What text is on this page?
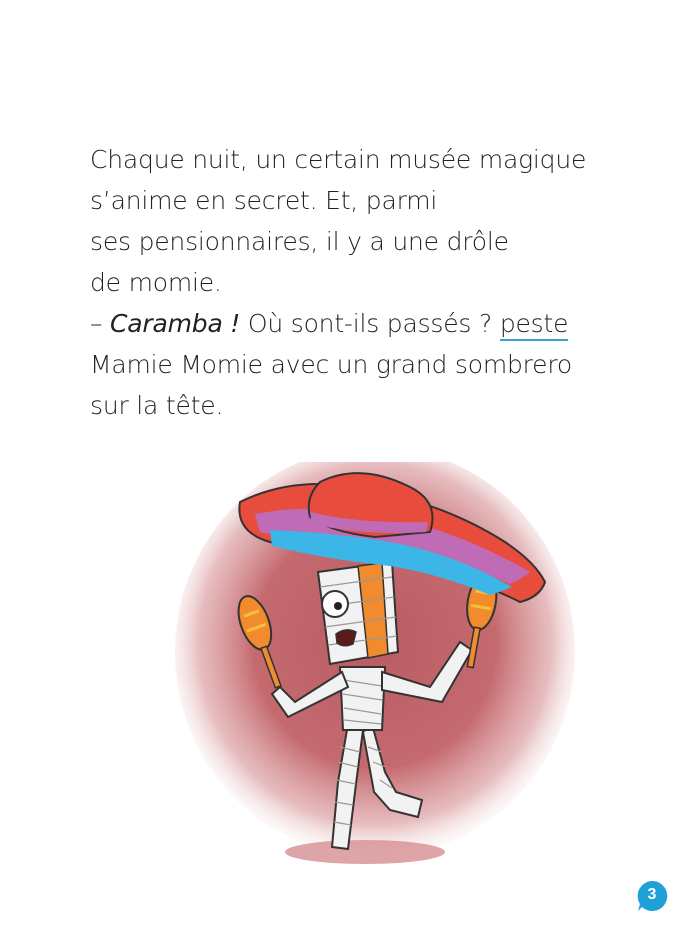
Chaque nuit, un certain musée magique
s’anime en secret. Et, parmi
ses pensionnaires, il y a une drôle
de momie.
– Caramba ! Où sont-ils passés ? peste
Mamie Momie avec un grand sombrero
sur la tête.
3
